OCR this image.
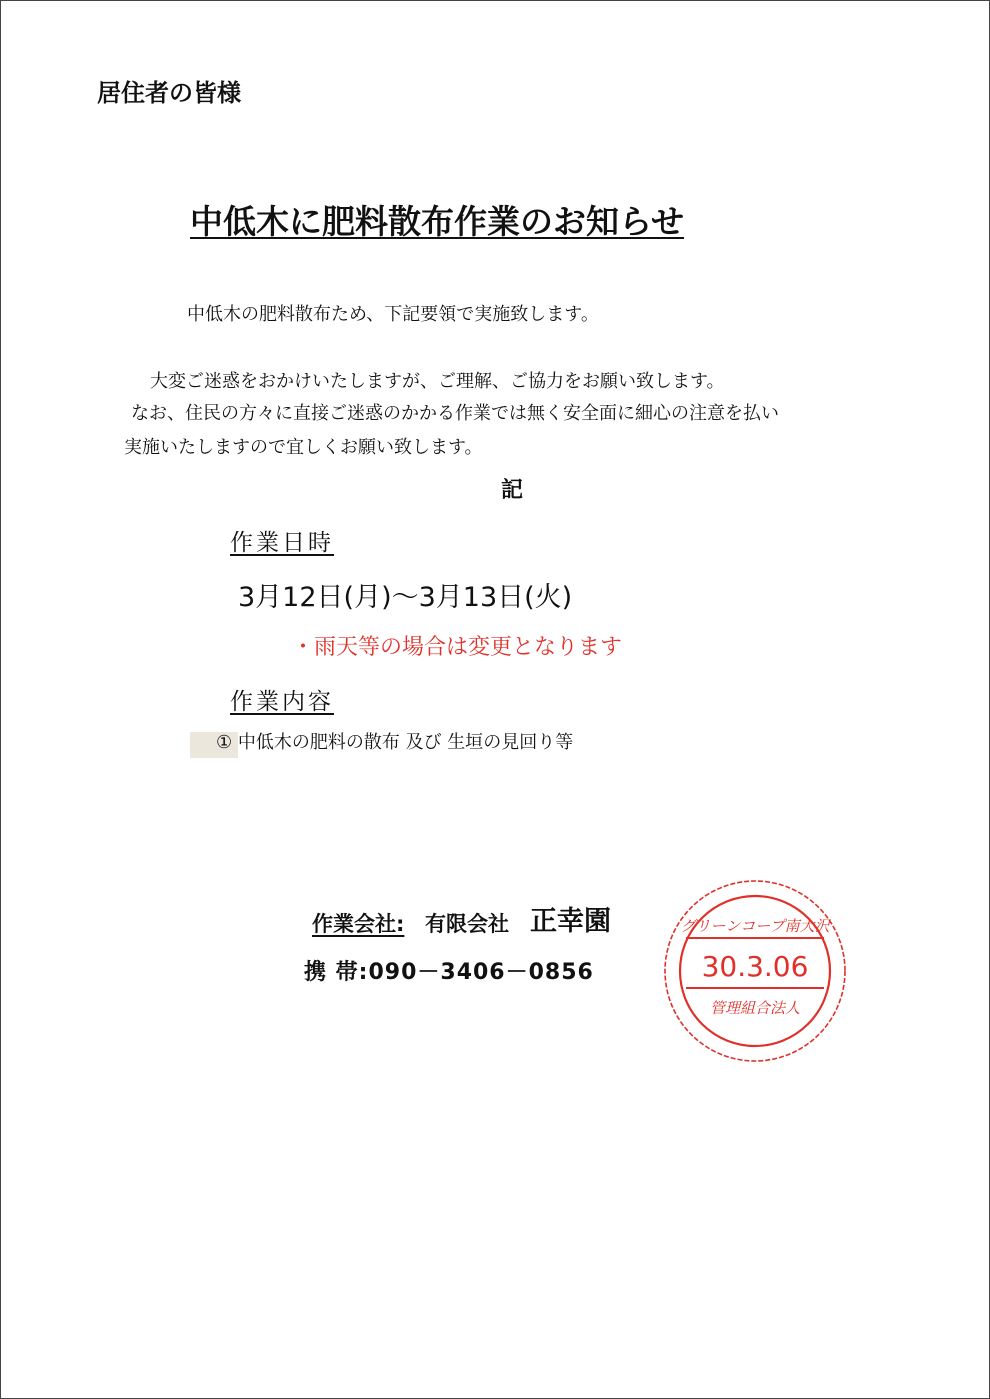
居住者の皆様
中低木に肥料散布作業のお知らせ
中低木の肥料散布ため、下記要領で実施致します。
大変ご迷惑をおかけいたしますが、ご理解、ご協力をお願い致します。
なお、住民の方々に直接ご迷惑のかかる作業では無く安全面に細心の注意を払い
実施いたしますので宜しくお願い致します。
記
作業日時
3月12日(月)～3月13日(火)
・雨天等の場合は変更となります
作業内容
① 中低木の肥料の散布 及び 生垣の見回り等
作業会社: 有限会社 正幸園
携 帯:090－3406－0856
グリーンコープ南大沢
30.3.06
管理組合法人
